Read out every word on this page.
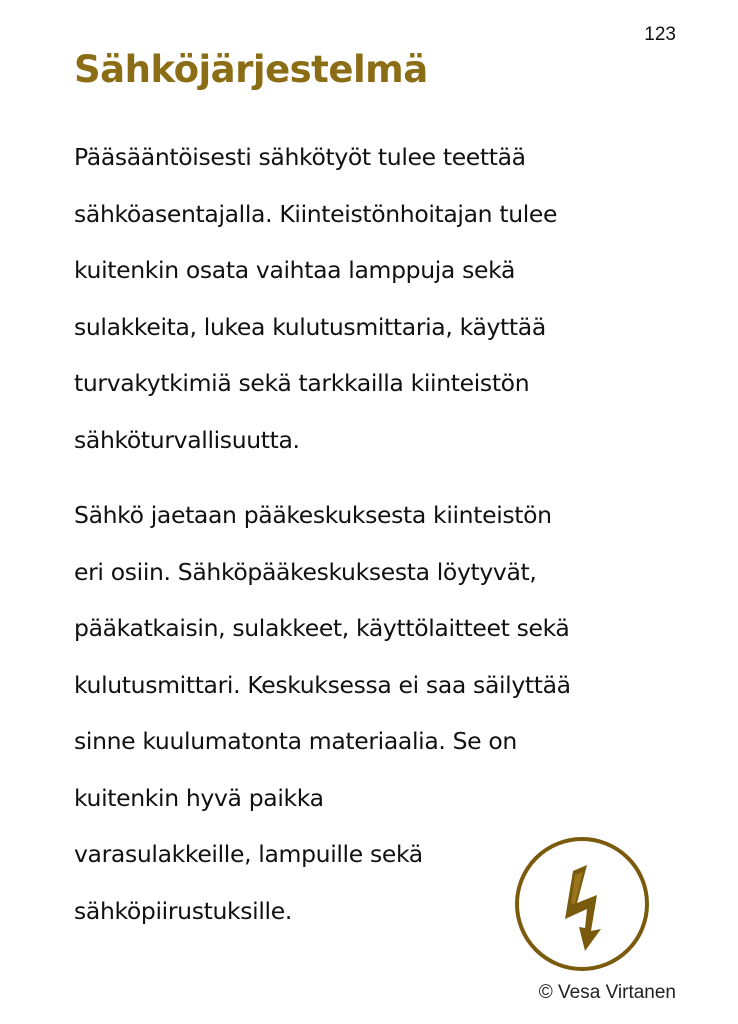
123
Sähköjärjestelmä
Pääsääntöisesti sähkötyöt tulee teettää
sähköasentajalla. Kiinteistönhoitajan tulee
kuitenkin osata vaihtaa lamppuja sekä
sulakkeita, lukea kulutusmittaria, käyttää
turvakytkimiä sekä tarkkailla kiinteistön
sähköturvallisuutta.
Sähkö jaetaan pääkeskuksesta kiinteistön
eri osiin. Sähköpääkeskuksesta löytyvät,
pääkatkaisin, sulakkeet, käyttölaitteet sekä
kulutusmittari. Keskuksessa ei saa säilyttää
sinne kuulumatonta materiaalia. Se on
kuitenkin hyvä paikka
varasulakkeille, lampuille sekä
sähköpiirustuksille.
© Vesa Virtanen
